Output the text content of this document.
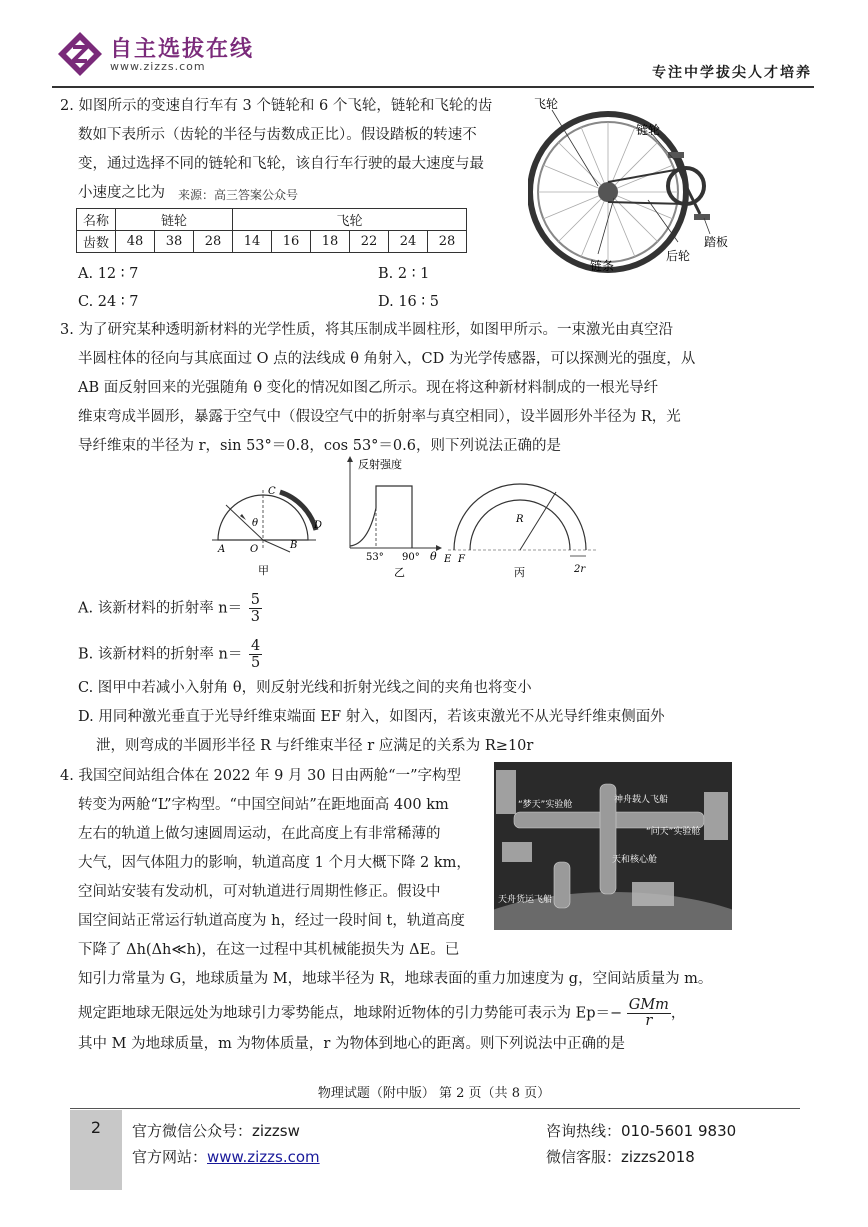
自主选拔在线
www.zizzs.com	专注中学拔尖人才培养
2. 如图所示的变速自行车有 3 个链轮和 6 个飞轮，链轮和飞轮的齿
数如下表所示（齿轮的半径与齿数成正比）。假设踏板的转速不
变，通过选择不同的链轮和飞轮，该自行车行驶的最大速度与最
小速度之比为 来源：高三答案公众号
名称	链轮			飞轮					
齿数	48	38	28	14	16	18	22	24	28
A. 12 ∶ 7	B. 2 ∶ 1
C. 24 ∶ 7	D. 16 ∶ 5
飞轮
链轮
踏板
后轮
链条
3. 为了研究某种透明新材料的光学性质，将其压制成半圆柱形，如图甲所示。一束激光由真空沿
半圆柱体的径向与其底面过 O 点的法线成 θ 角射入，CD 为光学传感器，可以探测光的强度，从
AB 面反射回来的光强随角 θ 变化的情况如图乙所示。现在将这种新材料制成的一根光导纤
维束弯成半圆形，暴露于空气中（假设空气中的折射率与真空相同），设半圆形外半径为 R，光
导纤维束的半径为 r，sin 53°＝0.8，cos 53°＝0.6，则下列说法正确的是
A O	B
C
D
θ
甲
反射强度
53° 90° θ
乙
E F
R
2r
丙
A. 该新材料的折射率 $n= \frac{5}{3}$
B. 该新材料的折射率 $n= \frac{4}{5}$
C. 图甲中若减小入射角 θ，则反射光线和折射光线之间的夹角也将变小
D. 用同种激光垂直于光导纤维束端面 EF 射入，如图丙，若该束激光不从光导纤维束侧面外
泄，则弯成的半圆形半径 R 与纤维束半径 r 应满足的关系为 R≥10r
4. 我国空间站组合体在 2022 年 9 月 30 日由两舱“一”字构型
转变为两舱“L”字构型。“中国空间站”在距地面高 400 km
左右的轨道上做匀速圆周运动，在此高度上有非常稀薄的
大气，因气体阻力的影响，轨道高度 1 个月大概下降 2 km，
空间站安装有发动机，可对轨道进行周期性修正。假设中
国空间站正常运行轨道高度为 h，经过一段时间 t，轨道高度
下降了 Δh(Δh≪h)，在这一过程中其机械能损失为 ΔE。已
知引力常量为 G，地球质量为 M，地球半径为 R，地球表面的重力加速度为 g，空间站质量为 m。
规定距地球无限远处为地球引力零势能点，地球附近物体的引力势能可表示为 Ep＝−
GMm
r	，
其中 M 为地球质量，m 为物体质量，r 为物体到地心的距离。则下列说法中正确的是
“梦天”实验舱	神舟载人飞船
“问天”实验舱
天和核心舱
天舟货运飞船
物理试题（附中版） 第 2 页（共 8 页）
2	官方微信公众号：zizzsw
官方网站：www.zizzs.com
咨询热线：010-5601 9830
微信客服：zizzs2018
